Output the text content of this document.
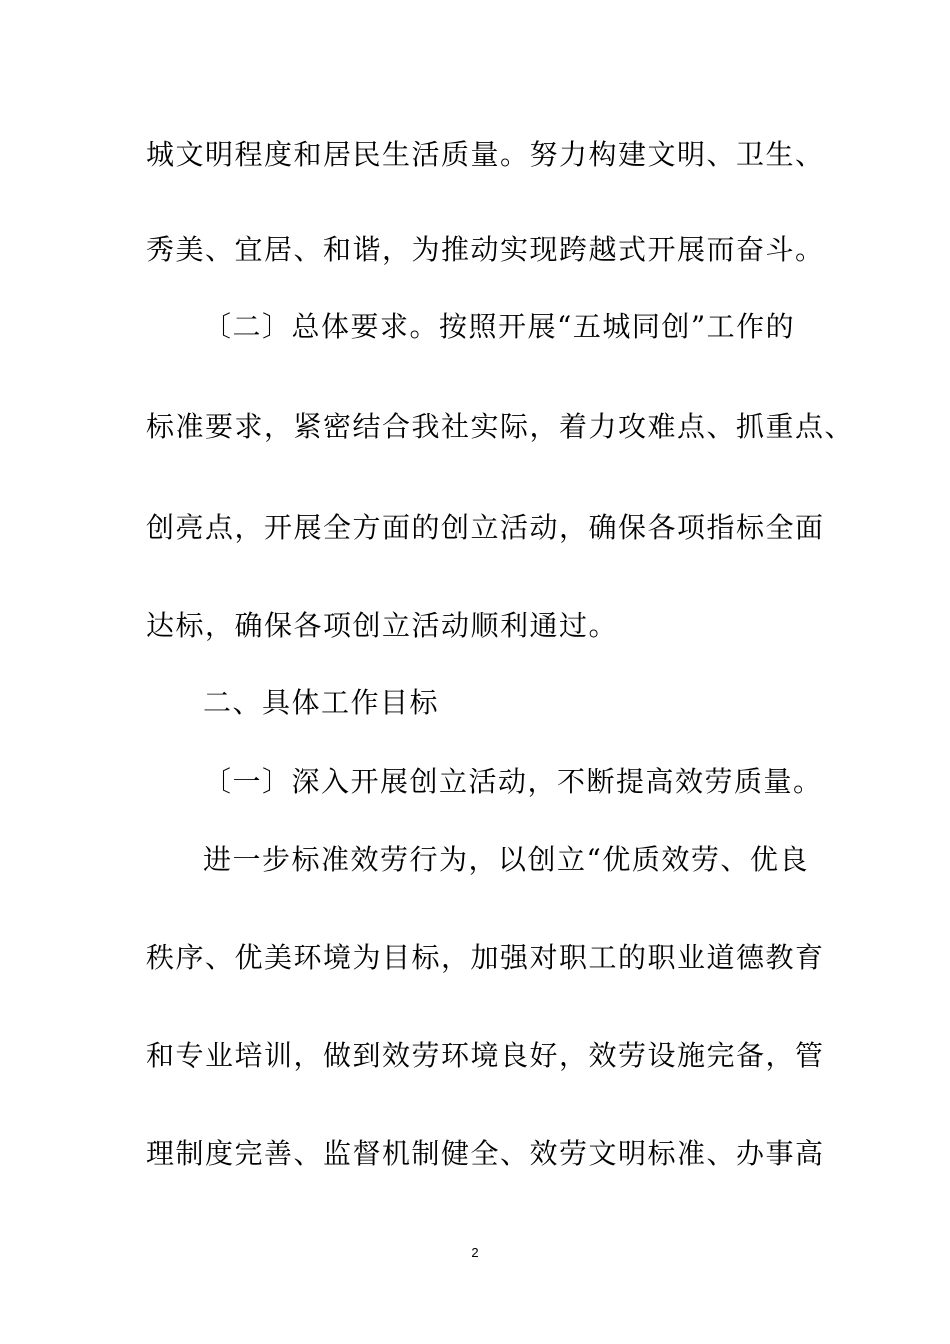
城文明程度和居民生活质量。努力构建文明、卫生、
秀美、宜居、和谐，为推动实现跨越式开展而奋斗。
〔二〕总体要求。按照开展“五城同创”工作的
标准要求，紧密结合我社实际，着力攻难点、抓重点、
创亮点，开展全方面的创立活动，确保各项指标全面
达标，确保各项创立活动顺利通过。
二、具体工作目标
〔一〕深入开展创立活动，不断提高效劳质量。
进一步标准效劳行为，以创立“优质效劳、优良
秩序、优美环境为目标，加强对职工的职业道德教育
和专业培训，做到效劳环境良好，效劳设施完备，管
理制度完善、监督机制健全、效劳文明标准、办事高
2
